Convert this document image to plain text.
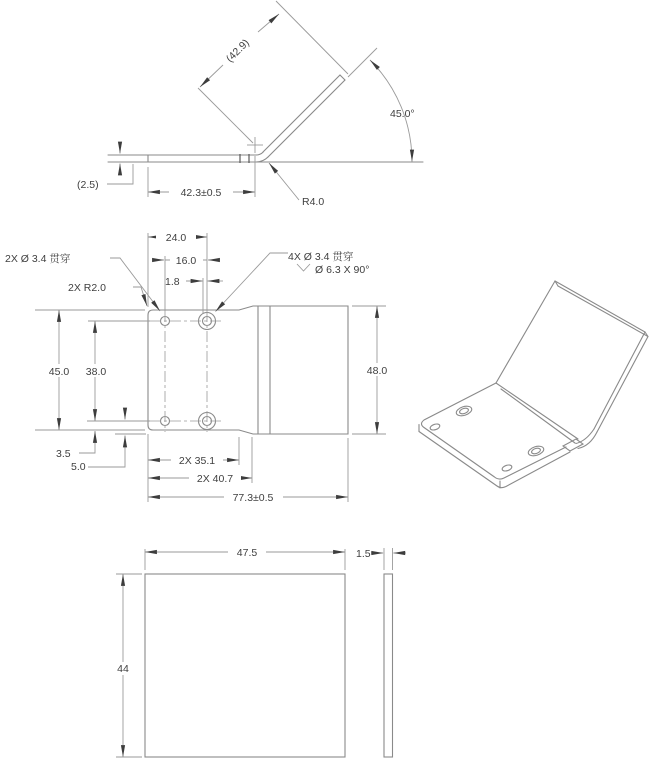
42.3±0.5
(2.5)
(42.9)
45.0°
R4.0
24.0
16.0
1.8
45.0 38.0	48.0
3.5
5.0	2X 35.1
2X 40.7
77.3±0.5
2X Ø 3.4 贯穿
2X R2.0
4X Ø 3.4 贯穿
Ø 6.3 X 90°
47.5	1.5
44
